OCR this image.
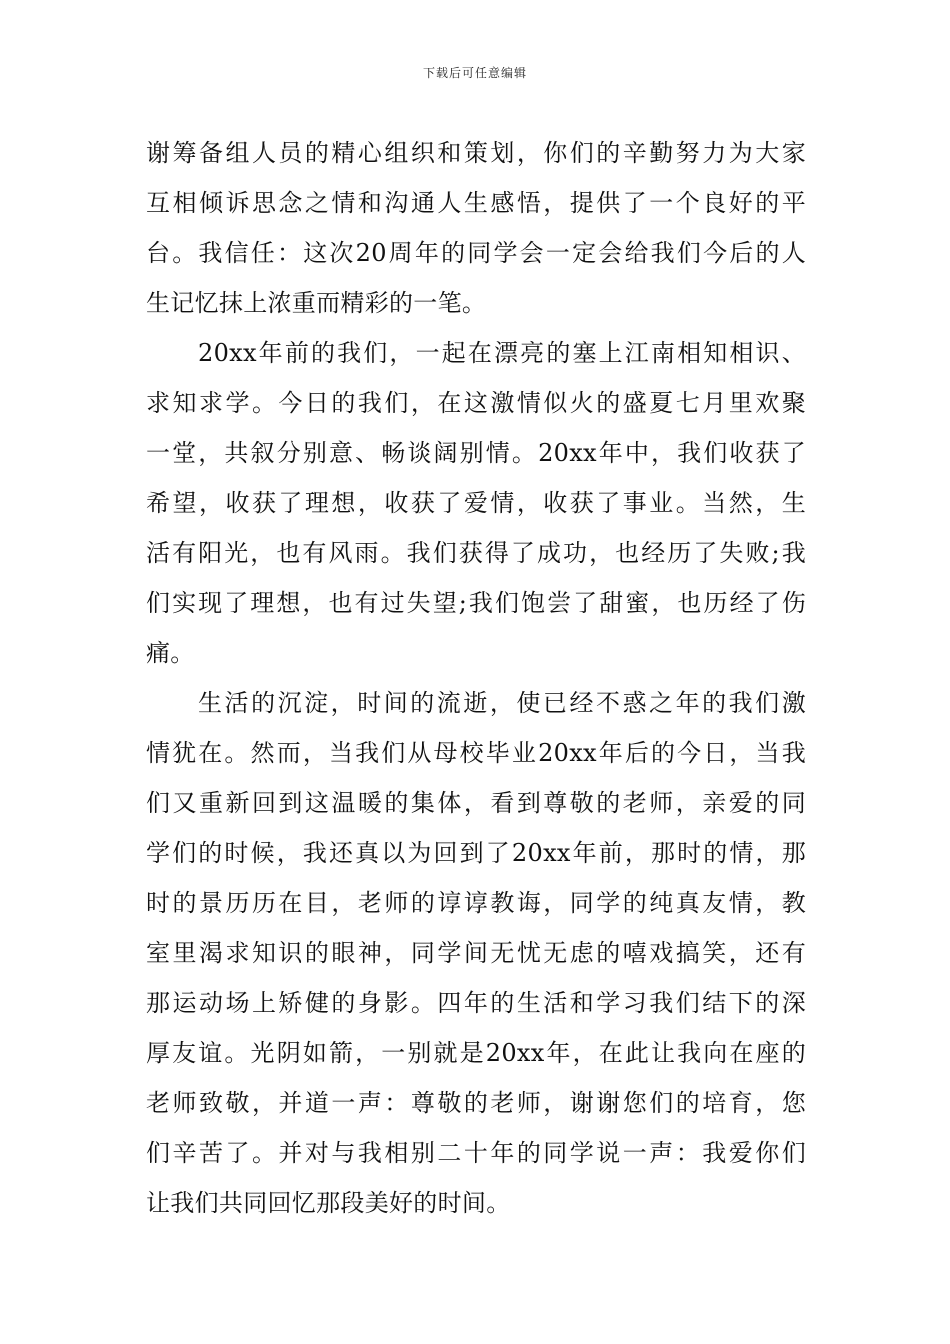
下载后可任意编辑
谢筹备组人员的精心组织和策划，你们的辛勤努力为大家
互相倾诉思念之情和沟通人生感悟，提供了一个良好的平
台。我信任：这次20周年的同学会一定会给我们今后的人
生记忆抹上浓重而精彩的一笔。
20xx年前的我们，一起在漂亮的塞上江南相知相识、
求知求学。今日的我们，在这激情似火的盛夏七月里欢聚
一堂，共叙分别意、畅谈阔别情。20xx年中，我们收获了
希望，收获了理想，收获了爱情，收获了事业。当然，生
活有阳光，也有风雨。我们获得了成功，也经历了失败;我
们实现了理想，也有过失望;我们饱尝了甜蜜，也历经了伤
痛。
生活的沉淀，时间的流逝，使已经不惑之年的我们激
情犹在。然而，当我们从母校毕业20xx年后的今日，当我
们又重新回到这温暖的集体，看到尊敬的老师，亲爱的同
学们的时候，我还真以为回到了20xx年前，那时的情，那
时的景历历在目，老师的谆谆教诲，同学的纯真友情，教
室里渴求知识的眼神，同学间无忧无虑的嘻戏搞笑，还有
那运动场上矫健的身影。四年的生活和学习我们结下的深
厚友谊。光阴如箭，一别就是20xx年，在此让我向在座的
老师致敬，并道一声：尊敬的老师，谢谢您们的培育，您
们辛苦了。并对与我相别二十年的同学说一声：我爱你们
让我们共同回忆那段美好的时间。
